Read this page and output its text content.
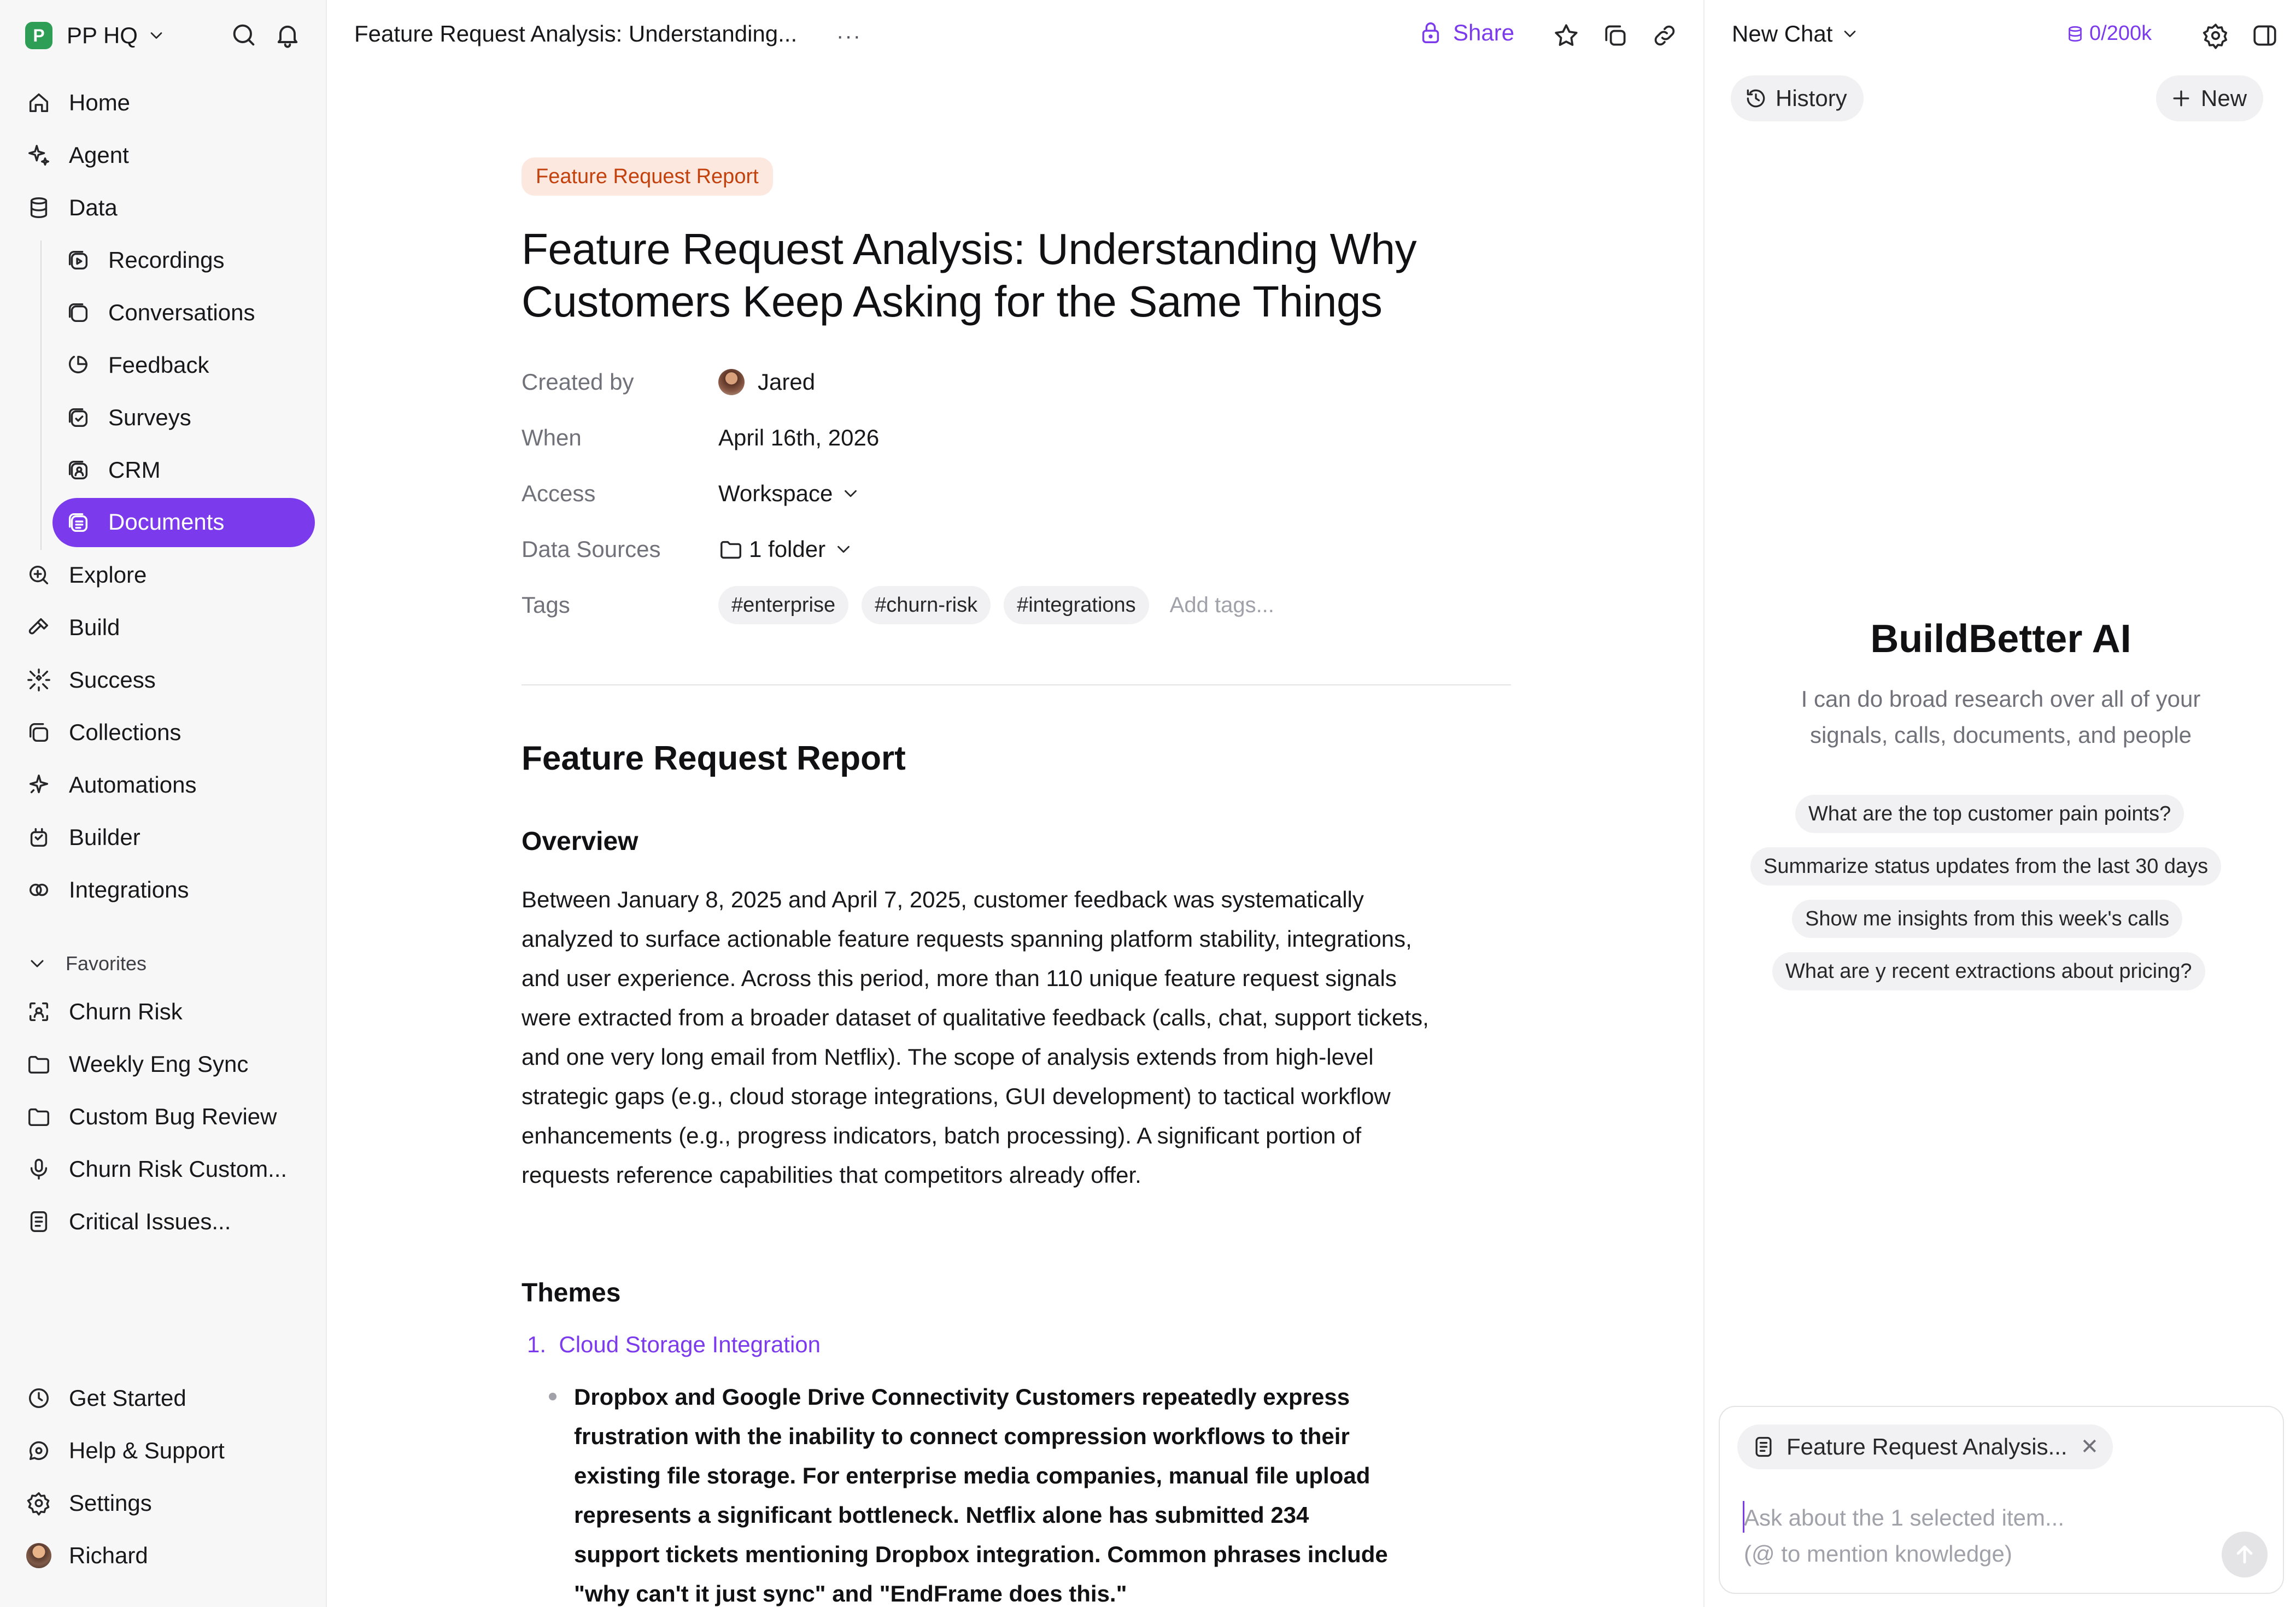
P PP HQ
Home
Agent
Data
Recordings
Conversations
Feedback
Surveys
CRM
Documents
Explore
Build
Success
Collections
Automations
Builder
Integrations
Favorites
Churn Risk
Weekly Eng Sync
Custom Bug Review
Churn Risk Custom...
Critical Issues...
Get Started
Help & Support
Settings
Richard
Feature Request Analysis: Understanding... ···	Share
Feature Request Report
Feature Request Analysis: Understanding Why Customers Keep Asking for the Same Things
Created by	Jared
When	April 16th, 2026
Access	Workspace
Data Sources	1 folder
Tags	#enterprise	#churn-risk	#integrations	Add tags...
Feature Request Report
Overview

Between January 8, 2025 and April 7, 2025, customer feedback was systematically analyzed to surface actionable feature requests spanning platform stability, integrations, and user experience. Across this period, more than 110 unique feature request signals were extracted from a broader dataset of qualitative feedback (calls, chat, support tickets, and one very long email from Netflix). The scope of analysis extends from high-level strategic gaps (e.g., cloud storage integrations, GUI development) to tactical workflow enhancements (e.g., progress indicators, batch processing). A significant portion of requests reference capabilities that competitors already offer.

Themes
1.  Cloud Storage Integration

Dropbox and Google Drive Connectivity Customers repeatedly express frustration with the inability to connect compression workflows to their existing file storage. For enterprise media companies, manual file upload represents a significant bottleneck. Netflix alone has submitted 234 support tickets mentioning Dropbox integration. Common phrases include "why can't it just sync" and "EndFrame does this."

New Chat	0/200k
History	New
BuildBetter AI

I can do broad research over all of your signals, calls, documents, and people

What are the top customer pain points?
Summarize status updates from the last 30 days
Show me insights from this week's calls
What are y recent extractions about pricing?
Feature Request Analysis... ✕
Ask about the 1 selected item...
(@ to mention knowledge)
